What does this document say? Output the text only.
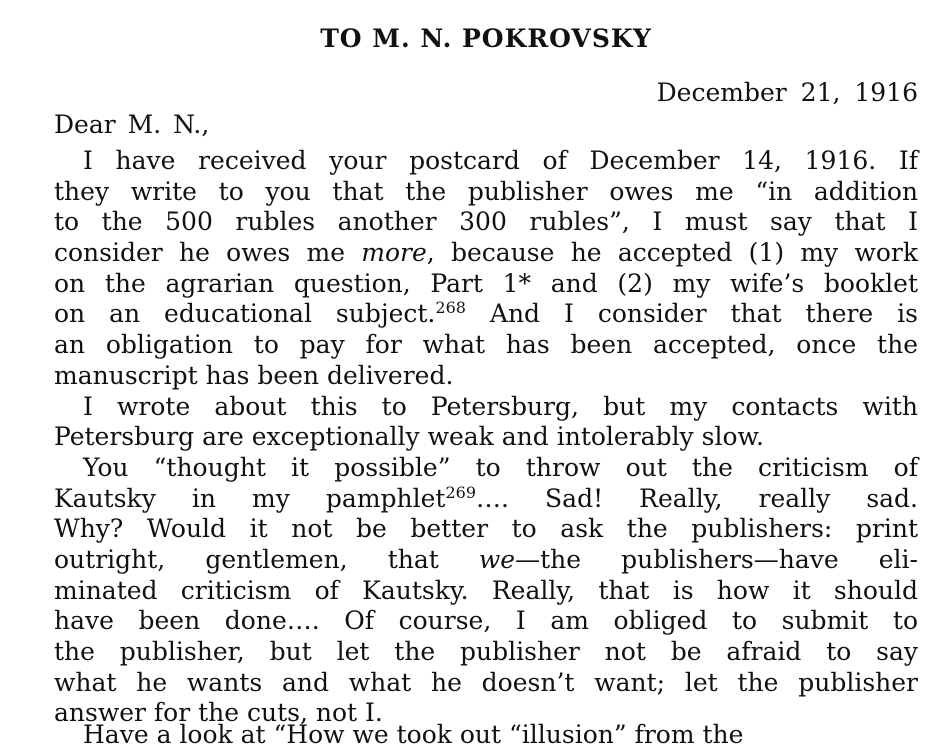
TO M. N. POKROVSKY

December 21, 1916

Dear M. N.,

I have received your postcard of December 14, 1916. If
they write to you that the publisher owes me “in addition
to the 500 rubles another 300 rubles”, I must say that I
consider he owes me more, because he accepted (1) my work
on the agrarian question, Part 1* and (2) my wife’s booklet
on an educational subject.$^{268}$ And I consider that there is
an obligation to pay for what has been accepted, once the
manuscript has been delivered.

I wrote about this to Petersburg, but my contacts with
Petersburg are exceptionally weak and intolerably slow.

You “thought it possible” to throw out the criticism of
Kautsky in my pamphlet$^{269}$…. Sad! Really, really sad.
Why? Would it not be better to ask the publishers: print
outright, gentlemen, that we—the publishers—have eli-
minated criticism of Kautsky. Really, that is how it should
have been done…. Of course, I am obliged to submit to
the publisher, but let the publisher not be afraid to say
what he wants and what he doesn’t want; let the publisher
answer for the cuts, not I.

Have a look at “How we took out “illusion” from the
